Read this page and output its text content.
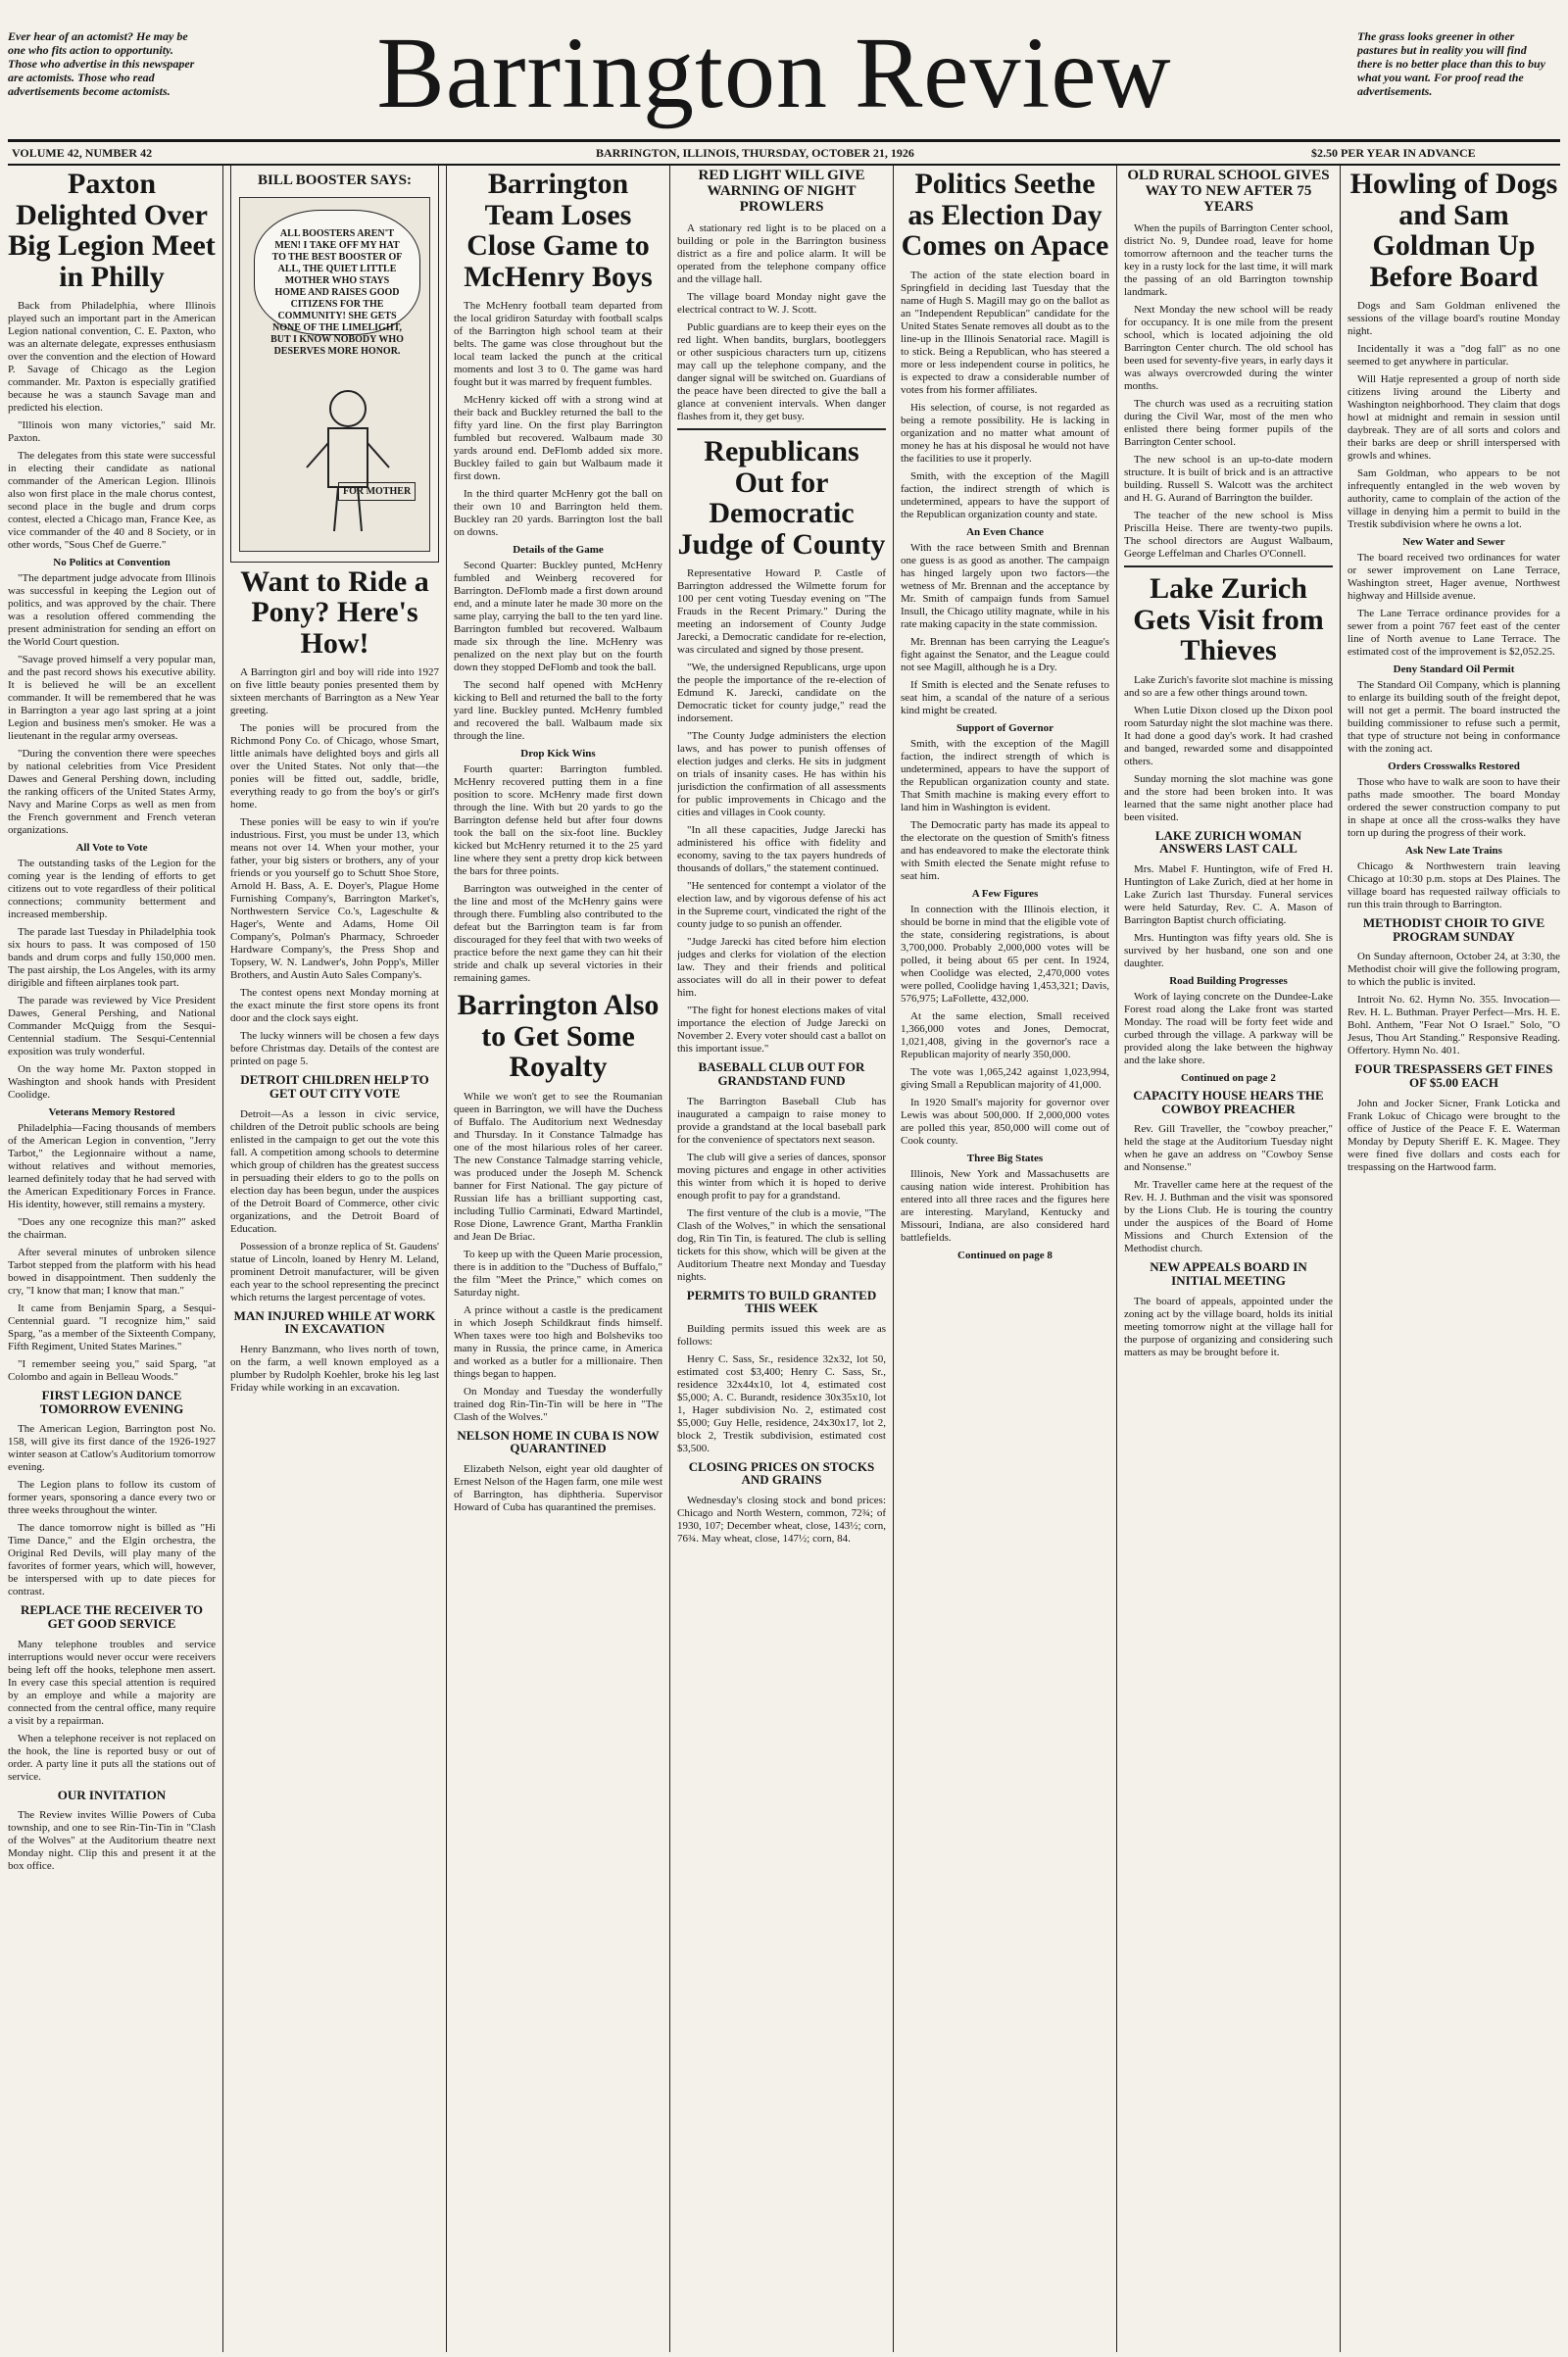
Ever hear of an actomist? He may be one who fits action to opportunity. Those who advertise in this newspaper are actomists. Those who read advertisements become actomists.	Barrington Review	The grass looks greener in other pastures but in reality you will find there is no better place than this to buy what you want. For proof read the advertisements.
VOLUME 42, NUMBER 42	BARRINGTON, ILLINOIS, THURSDAY, OCTOBER 21, 1926	$2.50 PER YEAR IN ADVANCE
Paxton Delighted Over Big Legion Meet in Philly

Back from Philadelphia, where Illinois played such an important part in the American Legion national convention, C. E. Paxton, who was an alternate delegate, expresses enthusiasm over the convention and the election of Howard P. Savage of Chicago as the Legion commander. Mr. Paxton is especially gratified because he was a staunch Savage man and predicted his election.

"Illinois won many victories," said Mr. Paxton.

The delegates from this state were successful in electing their candidate as national commander of the American Legion. Illinois also won first place in the male chorus contest, second place in the bugle and drum corps contest, elected a Chicago man, France Kee, as vice commander of the 40 and 8 Society, or in other words, "Sous Chef de Guerre."

No Politics at Convention

"The department judge advocate from Illinois was successful in keeping the Legion out of politics, and was approved by the chair. There was a resolution offered commending the present administration for sending an effort on the World Court question.

"Savage proved himself a very popular man, and the past record shows his executive ability. It is believed he will be an excellent commander. It will be remembered that he was in Barrington a year ago last spring at a joint Legion and business men's smoker. He was a lieutenant in the regular army overseas.

"During the convention there were speeches by national celebrities from Vice President Dawes and General Pershing down, including the ranking officers of the United States Army, Navy and Marine Corps as well as men from the French government and French veteran organizations.

All Vote to Vote

The outstanding tasks of the Legion for the coming year is the lending of efforts to get citizens out to vote regardless of their political connections; community betterment and increased membership.

The parade last Tuesday in Philadelphia took six hours to pass. It was composed of 150 bands and drum corps and fully 150,000 men. The past airship, the Los Angeles, with its army dirigible and fifteen airplanes took part.

The parade was reviewed by Vice President Dawes, General Pershing, and National Commander McQuigg from the Sesqui-Centennial stadium. The Sesqui-Centennial exposition was truly wonderful.

On the way home Mr. Paxton stopped in Washington and shook hands with President Coolidge.

Veterans Memory Restored

Philadelphia—Facing thousands of members of the American Legion in convention, "Jerry Tarbot," the Legionnaire without a name, without relatives and without memories, learned definitely today that he had served with the American Expeditionary Forces in France. His identity, however, still remains a mystery.

"Does any one recognize this man?" asked the chairman.

After several minutes of unbroken silence Tarbot stepped from the platform with his head bowed in disappointment. Then suddenly the cry, "I know that man; I know that man."

It came from Benjamin Sparg, a Sesqui-Centennial guard. "I recognize him," said Sparg, "as a member of the Sixteenth Company, Fifth Regiment, United States Marines."

"I remember seeing you," said Sparg, "at Colombo and again in Belleau Woods."

FIRST LEGION DANCE TOMORROW EVENING

The American Legion, Barrington post No. 158, will give its first dance of the 1926-1927 winter season at Catlow's Auditorium tomorrow evening.

The Legion plans to follow its custom of former years, sponsoring a dance every two or three weeks throughout the winter.

The dance tomorrow night is billed as "Hi Time Dance," and the Elgin orchestra, the Original Red Devils, will play many of the favorites of former years, which will, however, be interspersed with up to date pieces for contrast.

REPLACE THE RECEIVER TO GET GOOD SERVICE

Many telephone troubles and service interruptions would never occur were receivers being left off the hooks, telephone men assert. In every case this special attention is required by an employe and while a majority are connected from the central office, many require a visit by a repairman.

When a telephone receiver is not replaced on the hook, the line is reported busy or out of order. A party line it puts all the stations out of service.

OUR INVITATION

The Review invites Willie Powers of Cuba township, and one to see Rin-Tin-Tin in "Clash of the Wolves" at the Auditorium theatre next Monday night. Clip this and present it at the box office.

BILL BOOSTER SAYS:
ALL BOOSTERS AREN'T MEN! I TAKE OFF MY HAT TO THE BEST BOOSTER OF ALL, THE QUIET LITTLE MOTHER WHO STAYS HOME AND RAISES GOOD CITIZENS FOR THE COMMUNITY! SHE GETS NONE OF THE LIMELIGHT, BUT I KNOW NOBODY WHO DESERVES MORE HONOR.
FOR MOTHER
Want to Ride a Pony? Here's How!

A Barrington girl and boy will ride into 1927 on five little beauty ponies presented them by sixteen merchants of Barrington as a New Year greeting.

The ponies will be procured from the Richmond Pony Co. of Chicago, whose Smart, little animals have delighted boys and girls all over the United States. Not only that—the ponies will be fitted out, saddle, bridle, everything ready to go from the boy's or girl's home.

These ponies will be easy to win if you're industrious. First, you must be under 13, which means not over 14. When your mother, your father, your big sisters or brothers, any of your friends or you yourself go to Schutt Shoe Store, Arnold H. Bass, A. E. Doyer's, Plague Home Furnishing Company's, Barrington Market's, Northwestern Service Co.'s, Lageschulte & Hager's, Wente and Adams, Home Oil Company's, Polman's Pharmacy, Schroeder Hardware Company's, the Press Shop and Topsery, W. N. Landwer's, John Popp's, Miller Brothers, and Austin Auto Sales Company's.

The contest opens next Monday morning at the exact minute the first store opens its front door and the clock says eight.

The lucky winners will be chosen a few days before Christmas day. Details of the contest are printed on page 5.

DETROIT CHILDREN HELP TO GET OUT CITY VOTE

Detroit—As a lesson in civic service, children of the Detroit public schools are being enlisted in the campaign to get out the vote this fall. A competition among schools to determine which group of children has the greatest success in persuading their elders to go to the polls on election day has been begun, under the auspices of the Detroit Board of Commerce, other civic organizations, and the Detroit Board of Education.

Possession of a bronze replica of St. Gaudens' statue of Lincoln, loaned by Henry M. Leland, prominent Detroit manufacturer, will be given each year to the school representing the precinct which returns the largest percentage of votes.

MAN INJURED WHILE AT WORK IN EXCAVATION

Henry Banzmann, who lives north of town, on the farm, a well known employed as a plumber by Rudolph Koehler, broke his leg last Friday while working in an excavation.

Barrington Team Loses Close Game to McHenry Boys

The McHenry football team departed from the local gridiron Saturday with football scalps of the Barrington high school team at their belts. The game was close throughout but the local team lacked the punch at the critical moments and lost 3 to 0. The game was hard fought but it was marred by frequent fumbles.

McHenry kicked off with a strong wind at their back and Buckley returned the ball to the fifty yard line. On the first play Barrington fumbled but recovered. Walbaum made 30 yards around end. DeFlomb added six more. Buckley failed to gain but Walbaum made it first down.

In the third quarter McHenry got the ball on their own 10 and Barrington held them. Buckley ran 20 yards. Barrington lost the ball on downs.

Details of the Game

Second Quarter: Buckley punted, McHenry fumbled and Weinberg recovered for Barrington. DeFlomb made a first down around end, and a minute later he made 30 more on the same play, carrying the ball to the ten yard line. Barrington fumbled but recovered. Walbaum made six through the line. McHenry was penalized on the next play but on the fourth down they stopped DeFlomb and took the ball.

The second half opened with McHenry kicking to Bell and returned the ball to the forty yard line. Buckley punted. McHenry fumbled and recovered the ball. Walbaum made six through the line.

Drop Kick Wins

Fourth quarter: Barrington fumbled. McHenry recovered putting them in a fine position to score. McHenry made first down through the line. With but 20 yards to go the Barrington defense held but after four downs took the ball on the six-foot line. Buckley kicked but McHenry returned it to the 25 yard line where they sent a pretty drop kick between the bars for three points.

Barrington was outweighed in the center of the line and most of the McHenry gains were through there. Fumbling also contributed to the defeat but the Barrington team is far from discouraged for they feel that with two weeks of practice before the next game they can hit their stride and chalk up several victories in their remaining games.

Barrington Also to Get Some Royalty

While we won't get to see the Roumanian queen in Barrington, we will have the Duchess of Buffalo. The Auditorium next Wednesday and Thursday. In it Constance Talmadge has one of the most hilarious roles of her career. The new Constance Talmadge starring vehicle, was produced under the Joseph M. Schenck banner for First National. The gay picture of Russian life has a brilliant supporting cast, including Tullio Carminati, Edward Martindel, Rose Dione, Lawrence Grant, Martha Franklin and Jean De Briac.

To keep up with the Queen Marie procession, there is in addition to the "Duchess of Buffalo," the film "Meet the Prince," which comes on Saturday night.

A prince without a castle is the predicament in which Joseph Schildkraut finds himself. When taxes were too high and Bolsheviks too many in Russia, the prince came, in America and worked as a butler for a millionaire. Then things began to happen.

On Monday and Tuesday the wonderfully trained dog Rin-Tin-Tin will be here in "The Clash of the Wolves."

NELSON HOME IN CUBA IS NOW QUARANTINED

Elizabeth Nelson, eight year old daughter of Ernest Nelson of the Hagen farm, one mile west of Barrington, has diphtheria. Supervisor Howard of Cuba has quarantined the premises.

RED LIGHT WILL GIVE WARNING OF NIGHT PROWLERS

A stationary red light is to be placed on a building or pole in the Barrington business district as a fire and police alarm. It will be operated from the telephone company office and the village hall.

The village board Monday night gave the electrical contract to W. J. Scott.

Public guardians are to keep their eyes on the red light. When bandits, burglars, bootleggers or other suspicious characters turn up, citizens may call up the telephone company, and the danger signal will be switched on. Guardians of the peace have been directed to give the ball a glance at convenient intervals. When danger flashes from it, they get busy.

Republicans Out for Democratic Judge of County

Representative Howard P. Castle of Barrington addressed the Wilmette forum for 100 per cent voting Tuesday evening on "The Frauds in the Recent Primary." During the meeting an indorsement of County Judge Jarecki, a Democratic candidate for re-election, was circulated and signed by those present.

"We, the undersigned Republicans, urge upon the people the importance of the re-election of Edmund K. Jarecki, candidate on the Democratic ticket for county judge," read the indorsement.

"The County Judge administers the election laws, and has power to punish offenses of election judges and clerks. He sits in judgment on trials of insanity cases. He has within his jurisdiction the confirmation of all assessments for public improvements in Chicago and the cities and villages in Cook county.

"In all these capacities, Judge Jarecki has administered his office with fidelity and economy, saving to the tax payers hundreds of thousands of dollars," the statement continued.

"He sentenced for contempt a violator of the election law, and by vigorous defense of his act in the Supreme court, vindicated the right of the county judge to so punish an offender.

"Judge Jarecki has cited before him election judges and clerks for violation of the election law. They and their friends and political associates will do all in their power to defeat him.

"The fight for honest elections makes of vital importance the election of Judge Jarecki on November 2. Every voter should cast a ballot on this important issue."

BASEBALL CLUB OUT FOR GRANDSTAND FUND

The Barrington Baseball Club has inaugurated a campaign to raise money to provide a grandstand at the local baseball park for the convenience of spectators next season.

The club will give a series of dances, sponsor moving pictures and engage in other activities this winter from which it is hoped to derive enough profit to pay for a grandstand.

The first venture of the club is a movie, "The Clash of the Wolves," in which the sensational dog, Rin Tin Tin, is featured. The club is selling tickets for this show, which will be given at the Auditorium Theatre next Monday and Tuesday nights.

PERMITS TO BUILD GRANTED THIS WEEK

Building permits issued this week are as follows:

Henry C. Sass, Sr., residence 32x32, lot 50, estimated cost $3,400; Henry C. Sass, Sr., residence 32x44x10, lot 4, estimated cost $5,000; A. C. Burandt, residence 30x35x10, lot 1, Hager subdivision No. 2, estimated cost $5,000; Guy Helle, residence, 24x30x17, lot 2, block 2, Trestik subdivision, estimated cost $3,500.

CLOSING PRICES ON STOCKS AND GRAINS

Wednesday's closing stock and bond prices: Chicago and North Western, common, 72¾; of 1930, 107; December wheat, close, 143½; corn, 76¾. May wheat, close, 147½; corn, 84.

Politics Seethe as Election Day Comes on Apace

The action of the state election board in Springfield in deciding last Tuesday that the name of Hugh S. Magill may go on the ballot as an "Independent Republican" candidate for the United States Senate removes all doubt as to the line-up in the Illinois Senatorial race. Magill is to stick. Being a Republican, who has steered a more or less independent course in politics, he is expected to draw a considerable number of votes from his former affiliates.

His selection, of course, is not regarded as being a remote possibility. He is lacking in organization and no matter what amount of money he has at his disposal he would not have the facilities to use it properly.

Smith, with the exception of the Magill faction, the indirect strength of which is undetermined, appears to have the support of the Republican organization county and state.

An Even Chance

With the race between Smith and Brennan one guess is as good as another. The campaign has hinged largely upon two factors—the wetness of Mr. Brennan and the acceptance by Mr. Smith of campaign funds from Samuel Insull, the Chicago utility magnate, while in his rate making capacity in the state commission.

Mr. Brennan has been carrying the League's fight against the Senator, and the League could not see Magill, although he is a Dry.

If Smith is elected and the Senate refuses to seat him, a scandal of the nature of a serious kind might be created.

Support of Governor

Smith, with the exception of the Magill faction, the indirect strength of which is undetermined, appears to have the support of the Republican organization county and state. That Smith machine is making every effort to land him in Washington is evident.

The Democratic party has made its appeal to the electorate on the question of Smith's fitness and has endeavored to make the electorate think with Smith elected the Senate might refuse to seat him.

A Few Figures

In connection with the Illinois election, it should be borne in mind that the eligible vote of the state, considering registrations, is about 3,700,000. Probably 2,000,000 votes will be polled, it being about 65 per cent. In 1924, when Coolidge was elected, 2,470,000 votes were polled, Coolidge having 1,453,321; Davis, 576,975; LaFollette, 432,000.

At the same election, Small received 1,366,000 votes and Jones, Democrat, 1,021,408, giving in the governor's race a Republican majority of nearly 350,000.

The vote was 1,065,242 against 1,023,994, giving Small a Republican majority of 41,000.

In 1920 Small's majority for governor over Lewis was about 500,000. If 2,000,000 votes are polled this year, 850,000 will come out of Cook county.

Three Big States

Illinois, New York and Massachusetts are causing nation wide interest. Prohibition has entered into all three races and the figures here are interesting. Maryland, Kentucky and Missouri, Indiana, are also considered hard battlefields.

Continued on page 8
OLD RURAL SCHOOL GIVES WAY TO NEW AFTER 75 YEARS

When the pupils of Barrington Center school, district No. 9, Dundee road, leave for home tomorrow afternoon and the teacher turns the key in a rusty lock for the last time, it will mark the passing of an old Barrington township landmark.

Next Monday the new school will be ready for occupancy. It is one mile from the present school, which is located adjoining the old Barrington Center church. The old school has been used for seventy-five years, in early days it was always overcrowded during the winter months.

The church was used as a recruiting station during the Civil War, most of the men who enlisted there being former pupils of the Barrington Center school.

The new school is an up-to-date modern structure. It is built of brick and is an attractive building. Russell S. Walcott was the architect and H. G. Aurand of Barrington the builder.

The teacher of the new school is Miss Priscilla Heise. There are twenty-two pupils. The school directors are August Walbaum, George Leffelman and Charles O'Connell.

Lake Zurich Gets Visit from Thieves

Lake Zurich's favorite slot machine is missing and so are a few other things around town.

When Lutie Dixon closed up the Dixon pool room Saturday night the slot machine was there. It had done a good day's work. It had crashed and banged, rewarded some and disappointed others.

Sunday morning the slot machine was gone and the store had been broken into. It was learned that the same night another place had been visited.

LAKE ZURICH WOMAN ANSWERS LAST CALL

Mrs. Mabel F. Huntington, wife of Fred H. Huntington of Lake Zurich, died at her home in Lake Zurich last Thursday. Funeral services were held Saturday, Rev. C. A. Mason of Barrington Baptist church officiating.

Mrs. Huntington was fifty years old. She is survived by her husband, one son and one daughter.

Road Building Progresses

Work of laying concrete on the Dundee-Lake Forest road along the Lake front was started Monday. The road will be forty feet wide and curbed through the village. A parkway will be provided along the lake between the highway and the lake shore.

Continued on page 2
CAPACITY HOUSE HEARS THE COWBOY PREACHER

Rev. Gill Traveller, the "cowboy preacher," held the stage at the Auditorium Tuesday night when he gave an address on "Cowboy Sense and Nonsense."

Mr. Traveller came here at the request of the Rev. H. J. Buthman and the visit was sponsored by the Lions Club. He is touring the country under the auspices of the Board of Home Missions and Church Extension of the Methodist church.

NEW APPEALS BOARD IN INITIAL MEETING

The board of appeals, appointed under the zoning act by the village board, holds its initial meeting tomorrow night at the village hall for the purpose of organizing and considering such matters as may be brought before it.

Howling of Dogs and Sam Goldman Up Before Board

Dogs and Sam Goldman enlivened the sessions of the village board's routine Monday night.

Incidentally it was a "dog fall" as no one seemed to get anywhere in particular.

Will Hatje represented a group of north side citizens living around the Liberty and Washington neighborhood. They claim that dogs howl at midnight and remain in session until daybreak. They are of all sorts and colors and their barks are deep or shrill interspersed with growls and whines.

Sam Goldman, who appears to be not infrequently entangled in the web woven by authority, came to complain of the action of the village in denying him a permit to build in the Trestik subdivision where he owns a lot.

New Water and Sewer

The board received two ordinances for water or sewer improvement on Lane Terrace, Washington street, Hager avenue, Northwest highway and Hillside avenue.

The Lane Terrace ordinance provides for a sewer from a point 767 feet east of the center line of North avenue to Lane Terrace. The estimated cost of the improvement is $2,052.25.

Deny Standard Oil Permit

The Standard Oil Company, which is planning to enlarge its building south of the freight depot, will not get a permit. The board instructed the building commissioner to refuse such a permit, that type of structure not being in conformance with the zoning act.

Orders Crosswalks Restored

Those who have to walk are soon to have their paths made smoother. The board Monday ordered the sewer construction company to put in shape at once all the cross-walks they have torn up during the progress of their work.

Ask New Late Trains

Chicago & Northwestern train leaving Chicago at 10:30 p.m. stops at Des Plaines. The village board has requested railway officials to run this train through to Barrington.

METHODIST CHOIR TO GIVE PROGRAM SUNDAY

On Sunday afternoon, October 24, at 3:30, the Methodist choir will give the following program, to which the public is invited.

Introit No. 62. Hymn No. 355. Invocation—Rev. H. L. Buthman. Prayer Perfect—Mrs. H. E. Bohl. Anthem, "Fear Not O Israel." Solo, "O Jesus, Thou Art Standing." Responsive Reading. Offertory. Hymn No. 401.

FOUR TRESPASSERS GET FINES OF $5.00 EACH

John and Jocker Sicner, Frank Loticka and Frank Lokuc of Chicago were brought to the office of Justice of the Peace F. E. Waterman Monday by Deputy Sheriff E. K. Magee. They were fined five dollars and costs each for trespassing on the Hartwood farm.
